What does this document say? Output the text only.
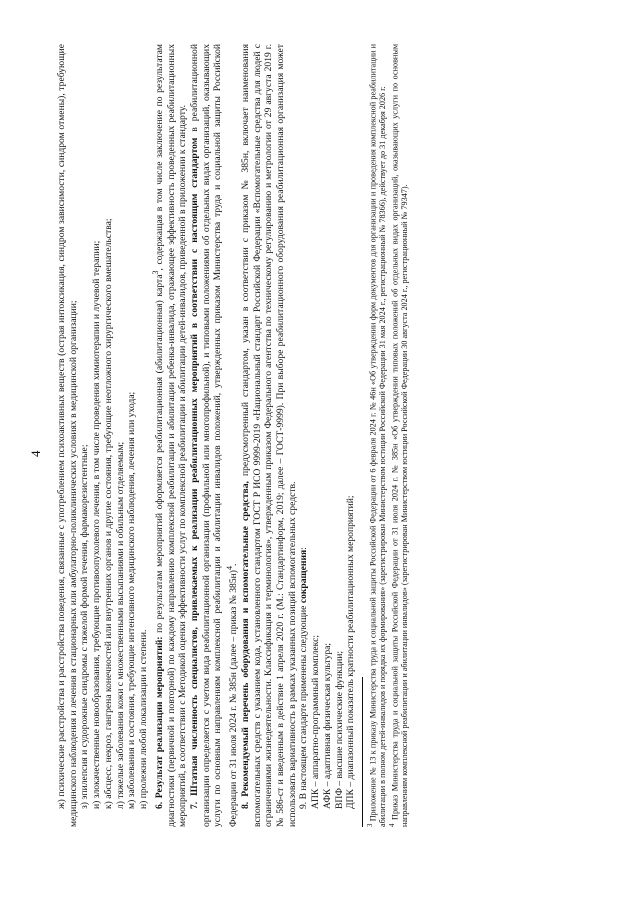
4 ж) психические расстройства и расстройства поведения, связанные с употреблением психоактивных веществ (острая интоксикация, синдром зависимости, синдром отмены), требующие медицинского наблюдения и лечения в стационарных или амбулаторно-поликлинических условиях в медицинской организации; з) эпилепсия и судорожные синдромы с тяжелой формой течения, фармакорезистентные; и) злокачественные новообразования, требующие противоопухолевого лечения, в том числе проведения химиотерапии и лучевой терапии; к) абсцесс, некроз, гангрена конечностей или внутренних органов и другие состояния, требующие неотложного хирургического вмешательства; л) тяжелые заболевания кожи с множественными высыпаниями и обильным отделяемым; м) заболевания и состояния, требующие интенсивного медицинского наблюдения, лечения или ухода; н) пролежни любой локализации и степени. 6. Результат реализации мероприятий: по результатам мероприятий оформляется реабилитационная (абилитационная) карта$^3$, содержащая в том числе заключение по результатам диагностики (первичной и повторной) по каждому направлению комплексной реабилитации и абилитации ребенка-инвалида, отражающее эффективность проведенных реабилитационных мероприятий, в соответствии с Методикой оценки эффективности услуг по комплексной реабилитации и абилитации детей-инвалидов, приведенной в приложении к стандарту. 7. Штатная численность специалистов, привлекаемых к реализации реабилитационных мероприятий в соответствии с настоящим стандартом в реабилитационной организации определяется с учетом вида реабилитационной организации (профильной или многопрофильной), и типовыми положениями об отдельных видах организаций, оказывающих услуги по основным направлениям комплексной реабилитации и абилитации инвалидов положений, утвержденных приказом Министерства труда и социальной защиты Российской Федерации от 31 июля 2024 г. № 385н (далее – приказ № 385н)$^4$. 8. Рекомендуемый перечень оборудования и вспомогательные средства, предусмотренный стандартом, указан в соответствии с приказом № 385н, включает наименования вспомогательных средств с указанием кода, установленного стандартом ГОСТ Р ИСО 9999-2019 «Национальный стандарт Российской Федерации «Вспомогательные средства для людей с ограничениями жизнедеятельности. Классификация и терминология», утвержденным приказом Федерального агентства по техническому регулированию и метрологии от 29 августа 2019 г. № 586-ст и введенным в действие 1 апреля 2020 г. (М.: Стандартинформ, 2019; далее – ГОСТ-9999). При выборе реабилитационного оборудования реабилитационная организация может использовать вариативность в рамках указанных позиций вспомогательных средств. 9. В настоящем стандарте применены следующие сокращения:

АПК – аппаратно-программный комплекс; АФК – адаптивная физическая культура; ВПФ – высшие психические функции; ДПК – диапазонный показатель кратности реабилитационных мероприятий;

$^3$ Приложение № 13 к приказу Министерства труда и социальной защиты Российской Федерации от 6 февраля 2024 г. № 46н «Об утверждении форм документов для организации и проведения комплексной реабилитации и абилитации в полном детей-инвалидов и порядка их формирования» (зарегистрирован Министерством юстиции Российской Федерации 31 мая 2024 г., регистрационный № 78366), действует до 31 декабря 2026 г. $^4$ Приказ Министерства труда и социальной защиты Российской Федерации от 31 июля 2024 г. № 385н «Об утверждении типовых положений об отдельных видах организаций, оказывающих услуги по основным направлениям комплексной реабилитации и абилитации инвалидов» (зарегистрирован Министерством юстиции Российской Федерации 30 августа 2024 г., регистрационный № 79347).
